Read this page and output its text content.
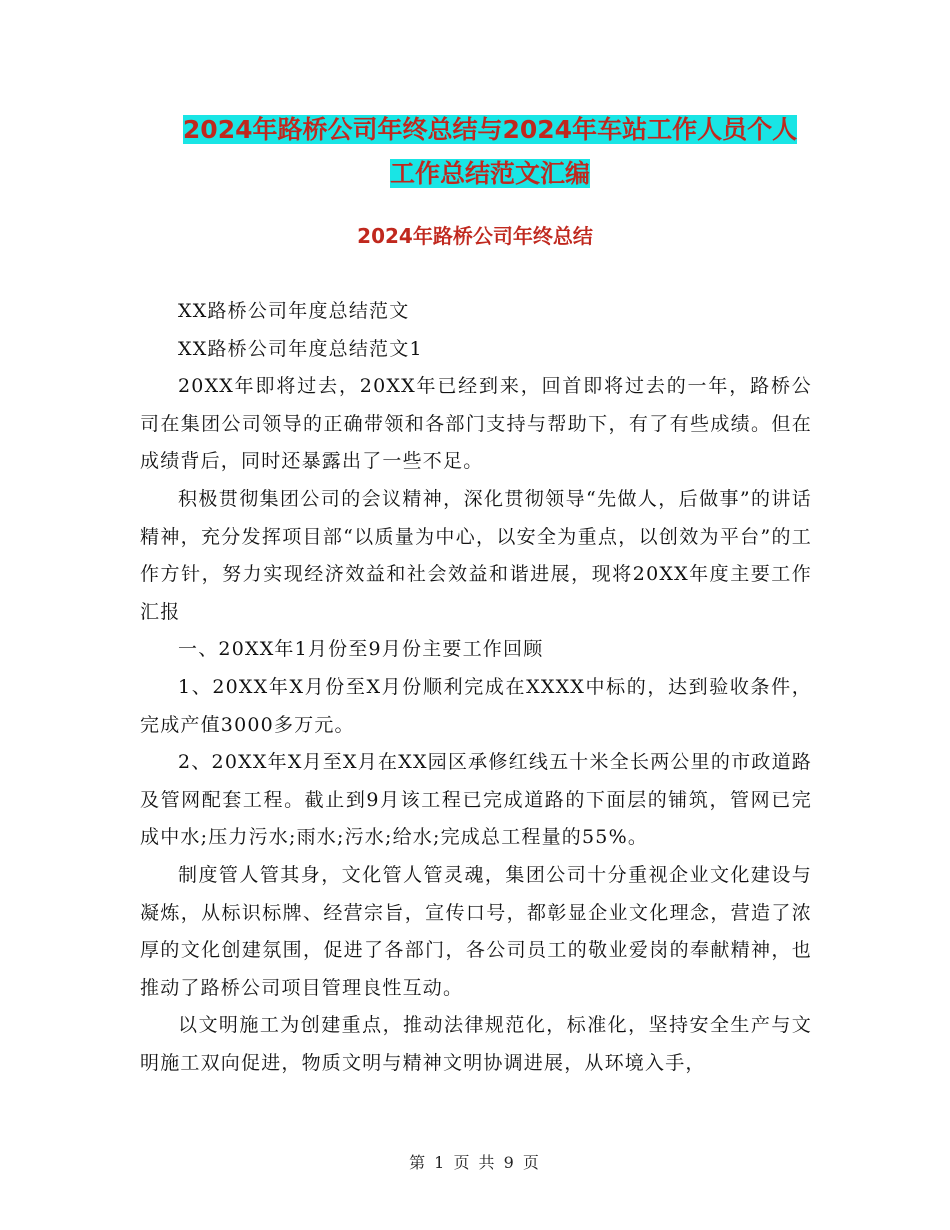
2024年路桥公司年终总结与2024年车站工作人员个人
工作总结范文汇编
2024年路桥公司年终总结

XX路桥公司年度总结范文

XX路桥公司年度总结范文1

20XX年即将过去，20XX年已经到来，回首即将过去的一年，路桥公司在集团公司领导的正确带领和各部门支持与帮助下，有了有些成绩。但在成绩背后，同时还暴露出了一些不足。

积极贯彻集团公司的会议精神，深化贯彻领导“先做人，后做事”的讲话精神，充分发挥项目部“以质量为中心，以安全为重点，以创效为平台”的工作方针，努力实现经济效益和社会效益和谐进展，现将20XX年度主要工作汇报

一、20XX年1月份至9月份主要工作回顾

1、20XX年X月份至X月份顺利完成在XXXX中标的，达到验收条件，完成产值3000多万元。

2、20XX年X月至X月在XX园区承修红线五十米全长两公里的市政道路及管网配套工程。截止到9月该工程已完成道路的下面层的铺筑，管网已完成中水;压力污水;雨水;污水;给水;完成总工程量的55%。

制度管人管其身，文化管人管灵魂，集团公司十分重视企业文化建设与凝炼，从标识标牌、经营宗旨，宣传口号，都彰显企业文化理念，营造了浓厚的文化创建氛围，促进了各部门，各公司员工的敬业爱岗的奉献精神，也推动了路桥公司项目管理良性互动。

以文明施工为创建重点，推动法律规范化，标准化，坚持安全生产与文明施工双向促进，物质文明与精神文明协调进展，从环境入手，

第 1 页 共 9 页
